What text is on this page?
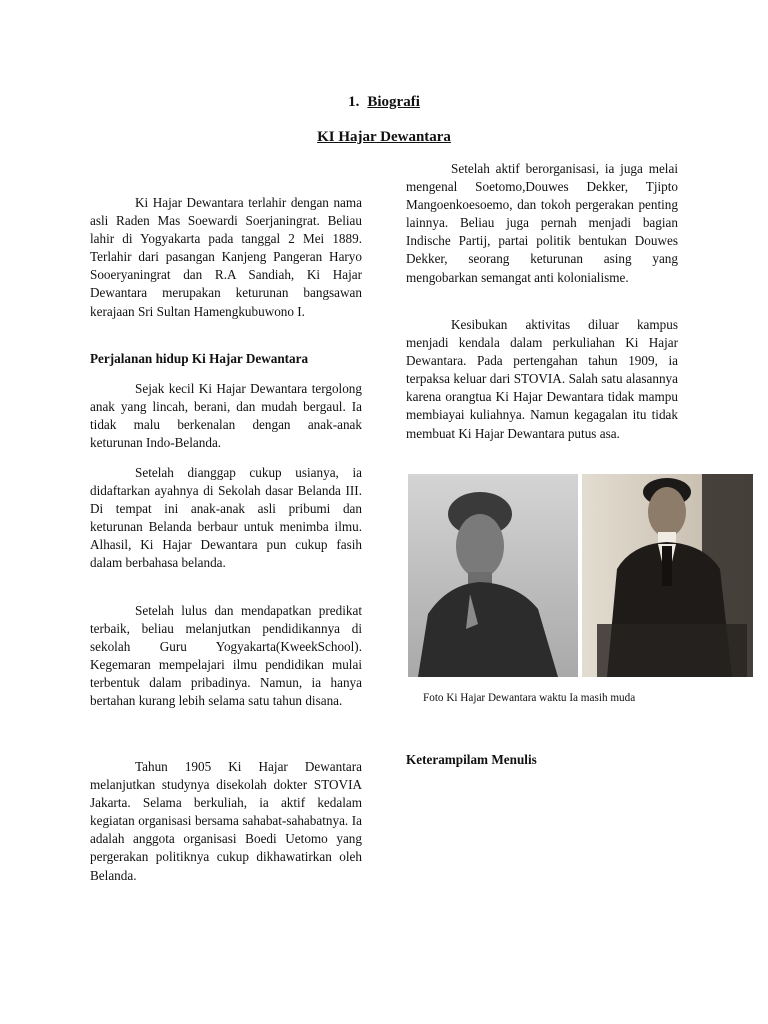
1. Biografi
KI Hajar Dewantara

Ki Hajar Dewantara terlahir dengan nama asli Raden Mas Soewardi Soerjaningrat. Beliau lahir di Yogyakarta pada tanggal 2 Mei 1889. Terlahir dari pasangan Kanjeng Pangeran Haryo Sooeryaningrat dan R.A Sandiah, Ki Hajar Dewantara merupakan keturunan bangsawan kerajaan Sri Sultan Hamengkubuwono I.

Perjalanan hidup Ki Hajar Dewantara

Sejak kecil Ki Hajar Dewantara tergolong anak yang lincah, berani, dan mudah bergaul. Ia tidak malu berkenalan dengan anak-anak keturunan Indo-Belanda.

Setelah dianggap cukup usianya, ia didaftarkan ayahnya di Sekolah dasar Belanda III. Di tempat ini anak-anak asli pribumi dan keturunan Belanda berbaur untuk menimba ilmu. Alhasil, Ki Hajar Dewantara pun cukup fasih dalam berbahasa belanda.

Setelah lulus dan mendapatkan predikat terbaik, beliau melanjutkan pendidikannya di sekolah Guru Yogyakarta(KweekSchool). Kegemaran mempelajari ilmu pendidikan mulai terbentuk dalam pribadinya. Namun, ia hanya bertahan kurang lebih selama satu tahun disana.

Tahun 1905 Ki Hajar Dewantara melanjutkan studynya disekolah dokter STOVIA Jakarta. Selama berkuliah, ia aktif kedalam kegiatan organisasi bersama sahabat-sahabatnya. Ia adalah anggota organisasi Boedi Uetomo yang pergerakan politiknya cukup dikhawatirkan oleh Belanda.

Setelah aktif berorganisasi, ia juga melai mengenal Soetomo,Douwes Dekker, Tjipto Mangoenkoesoemo, dan tokoh pergerakan penting lainnya. Beliau juga pernah menjadi bagian Indische Partij, partai politik bentukan Douwes Dekker, seorang keturunan asing yang mengobarkan semangat anti kolonialisme.

Kesibukan aktivitas diluar kampus menjadi kendala dalam perkuliahan Ki Hajar Dewantara. Pada pertengahan tahun 1909, ia terpaksa keluar dari STOVIA. Salah satu alasannya karena orangtua Ki Hajar Dewantara tidak mampu membiayai kuliahnya. Namun kegagalan itu tidak membuat Ki Hajar Dewantara putus asa.

Keterampilam Menulis
Foto Ki Hajar Dewantara waktu Ia masih muda
